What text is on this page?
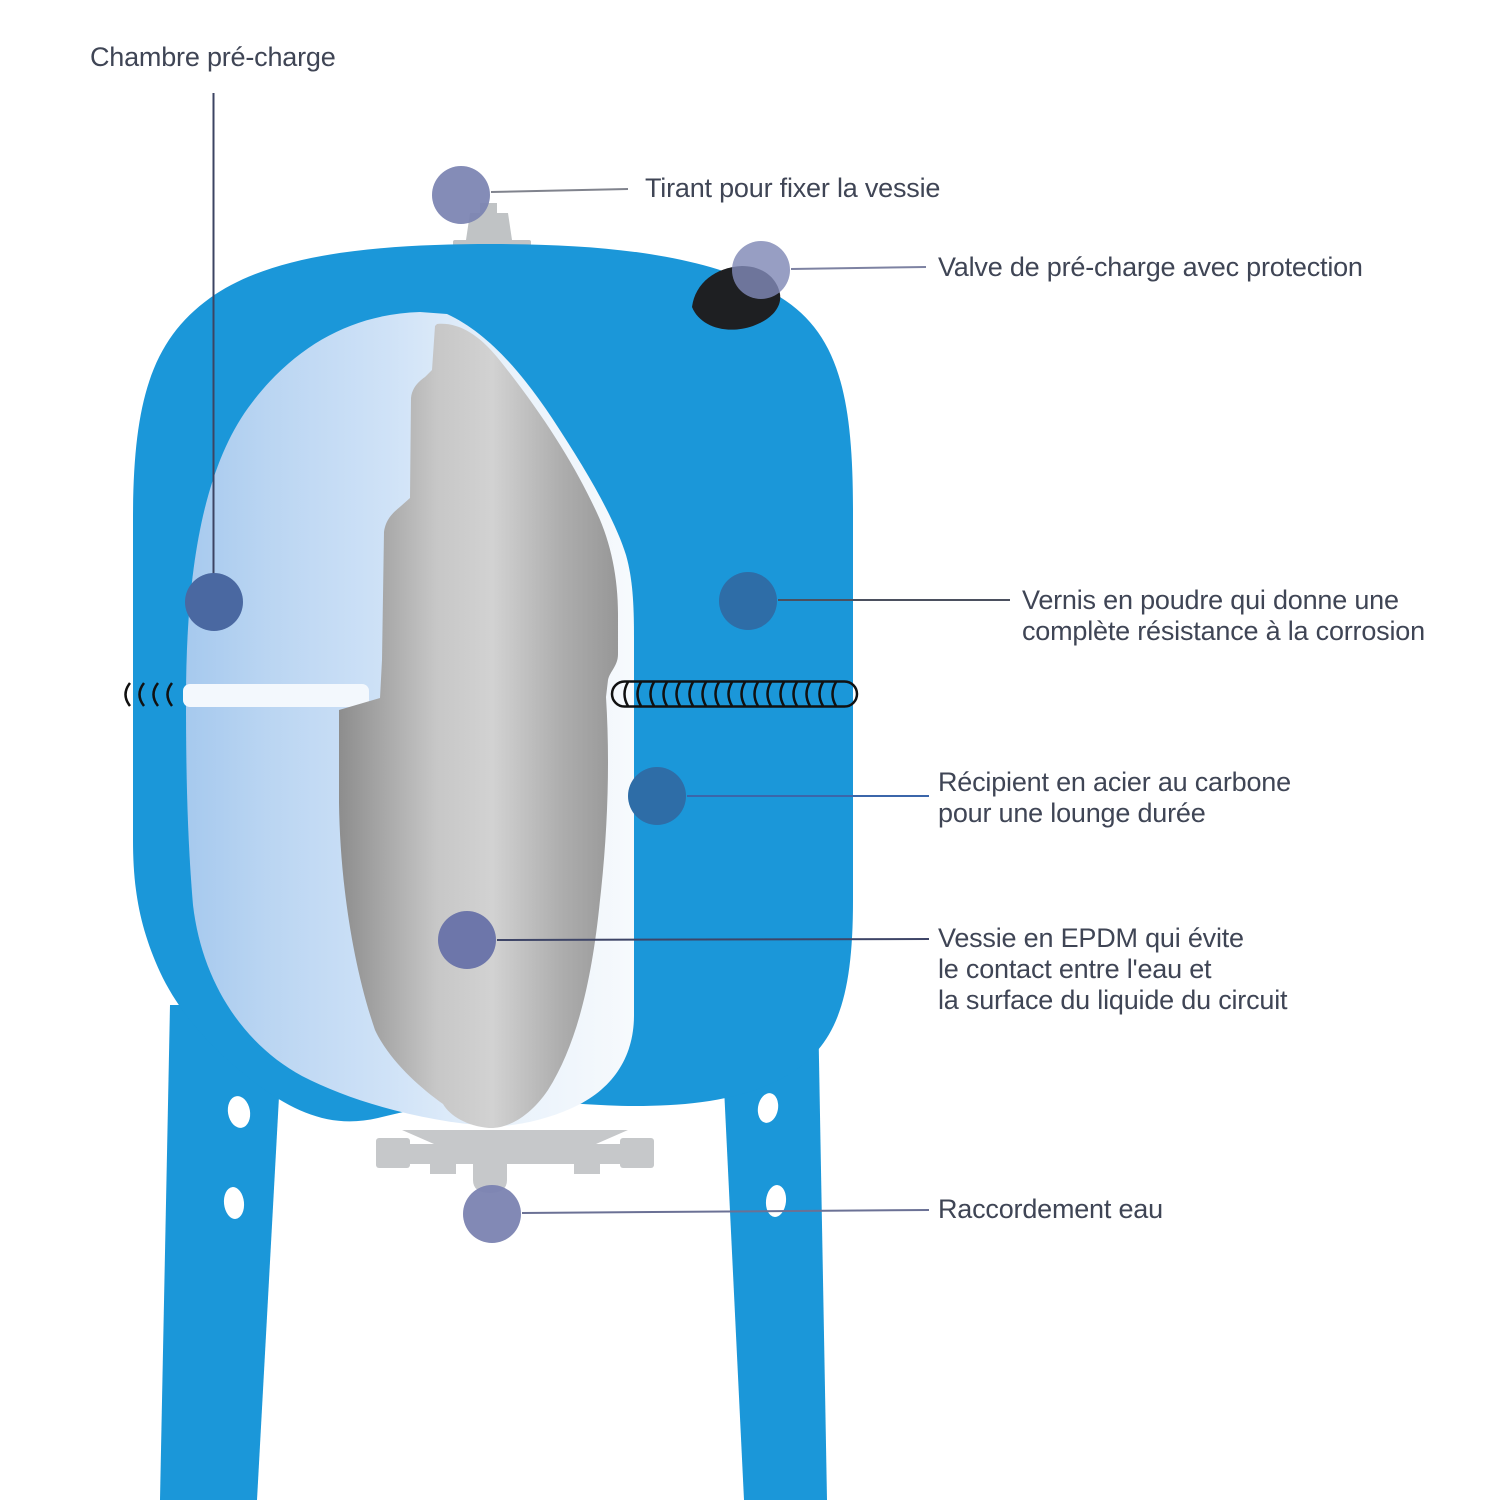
Chambre pré-charge
Tirant pour fixer la vessie
Valve de pré-charge avec protection
Vernis en poudre qui donne une
complète résistance à la corrosion
Récipient en acier au carbone
pour une lounge durée
Vessie en EPDM qui évite
le contact entre l'eau et
la surface du liquide du circuit
Raccordement eau
